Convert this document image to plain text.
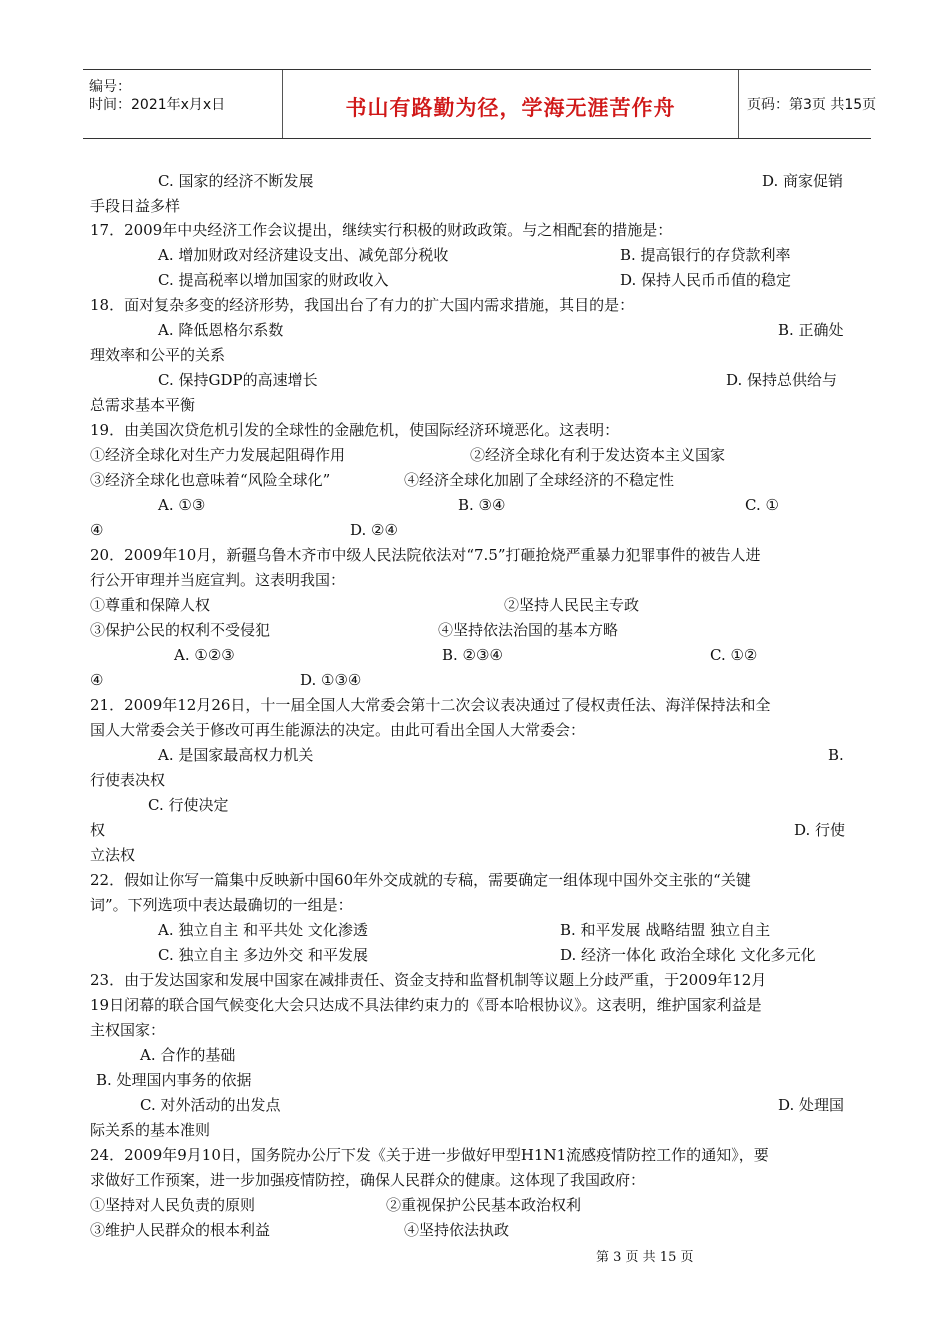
编号：
时间：2021年x月x日	书山有路勤为径，学海无涯苦作舟	页码：第3页 共15页
C. 国家的经济不断发展	D. 商家促销
手段日益多样
17．2009年中央经济工作会议提出，继续实行积极的财政政策。与之相配套的措施是：
A. 增加财政对经济建设支出、减免部分税收	B. 提高银行的存贷款利率
C. 提高税率以增加国家的财政收入	D. 保持人民币币值的稳定
18．面对复杂多变的经济形势，我国出台了有力的扩大国内需求措施，其目的是：
A. 降低恩格尔系数	B. 正确处
理效率和公平的关系
C. 保持GDP的高速增长	D. 保持总供给与
总需求基本平衡
19．由美国次贷危机引发的全球性的金融危机，使国际经济环境恶化。这表明：
①经济全球化对生产力发展起阻碍作用	②经济全球化有利于发达资本主义国家
③经济全球化也意味着“风险全球化”	④经济全球化加剧了全球经济的不稳定性
A. ①③	B. ③④	C. ①
④	D. ②④
20．2009年10月，新疆乌鲁木齐市中级人民法院依法对“7.5”打砸抢烧严重暴力犯罪事件的被告人进
行公开审理并当庭宣判。这表明我国：
①尊重和保障人权	②坚持人民民主专政
③保护公民的权利不受侵犯	④坚持依法治国的基本方略
A. ①②③	B. ②③④	C. ①②
④	D. ①③④
21．2009年12月26日，十一届全国人大常委会第十二次会议表决通过了侵权责任法、海洋保持法和全
国人大常委会关于修改可再生能源法的决定。由此可看出全国人大常委会：
A. 是国家最高权力机关	B.
行使表决权
C. 行使决定
权	D. 行使
立法权
22．假如让你写一篇集中反映新中国60年外交成就的专稿，需要确定一组体现中国外交主张的“关键
词”。下列选项中表达最确切的一组是：
A. 独立自主 和平共处 文化渗透	B. 和平发展 战略结盟 独立自主
C. 独立自主 多边外交 和平发展	D. 经济一体化 政治全球化 文化多元化
23．由于发达国家和发展中国家在减排责任、资金支持和监督机制等议题上分歧严重，于2009年12月
19日闭幕的联合国气候变化大会只达成不具法律约束力的《哥本哈根协议》。这表明，维护国家利益是
主权国家：
A. 合作的基础
B. 处理国内事务的依据
C. 对外活动的出发点	D. 处理国
际关系的基本准则
24．2009年9月10日，国务院办公厅下发《关于进一步做好甲型H1N1流感疫情防控工作的通知》，要
求做好工作预案，进一步加强疫情防控，确保人民群众的健康。这体现了我国政府：
①坚持对人民负责的原则	②重视保护公民基本政治权利
③维护人民群众的根本利益	④坚持依法执政
第 3 页 共 15 页
